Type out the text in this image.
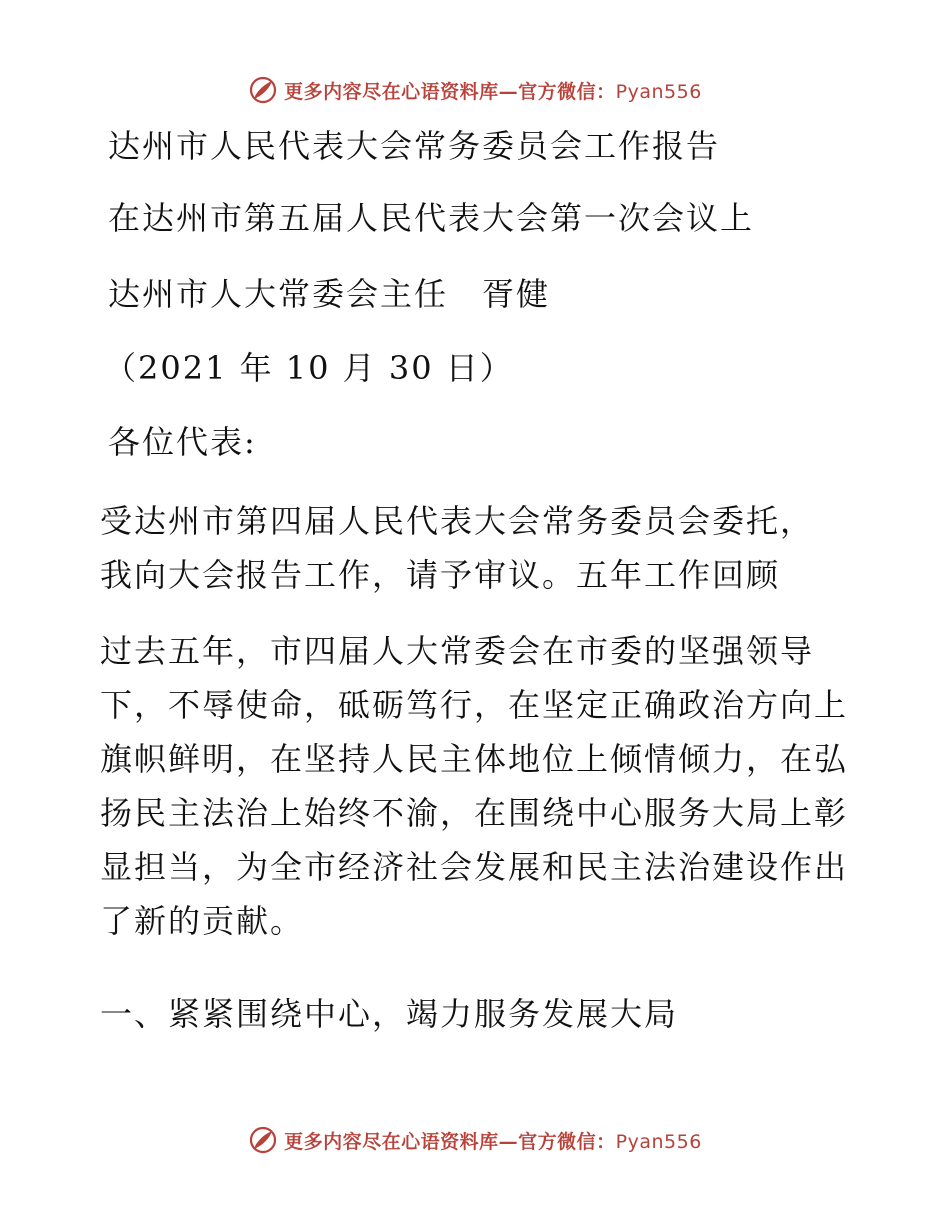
更多内容尽在心语资料库—官方微信：Pyan556
达州市人民代表大会常务委员会工作报告
在达州市第五届人民代表大会第一次会议上
达州市人大常委会主任　胥健
（2021 年 10 月 30 日）
各位代表:
受达州市第四届人民代表大会常务委员会委托，
我向大会报告工作，请予审议。五年工作回顾
过去五年，市四届人大常委会在市委的坚强领导
下，不辱使命，砥砺笃行，在坚定正确政治方向上
旗帜鲜明，在坚持人民主体地位上倾情倾力，在弘
扬民主法治上始终不渝，在围绕中心服务大局上彰
显担当，为全市经济社会发展和民主法治建设作出
了新的贡献。
一、紧紧围绕中心，竭力服务发展大局
更多内容尽在心语资料库—官方微信：Pyan556
